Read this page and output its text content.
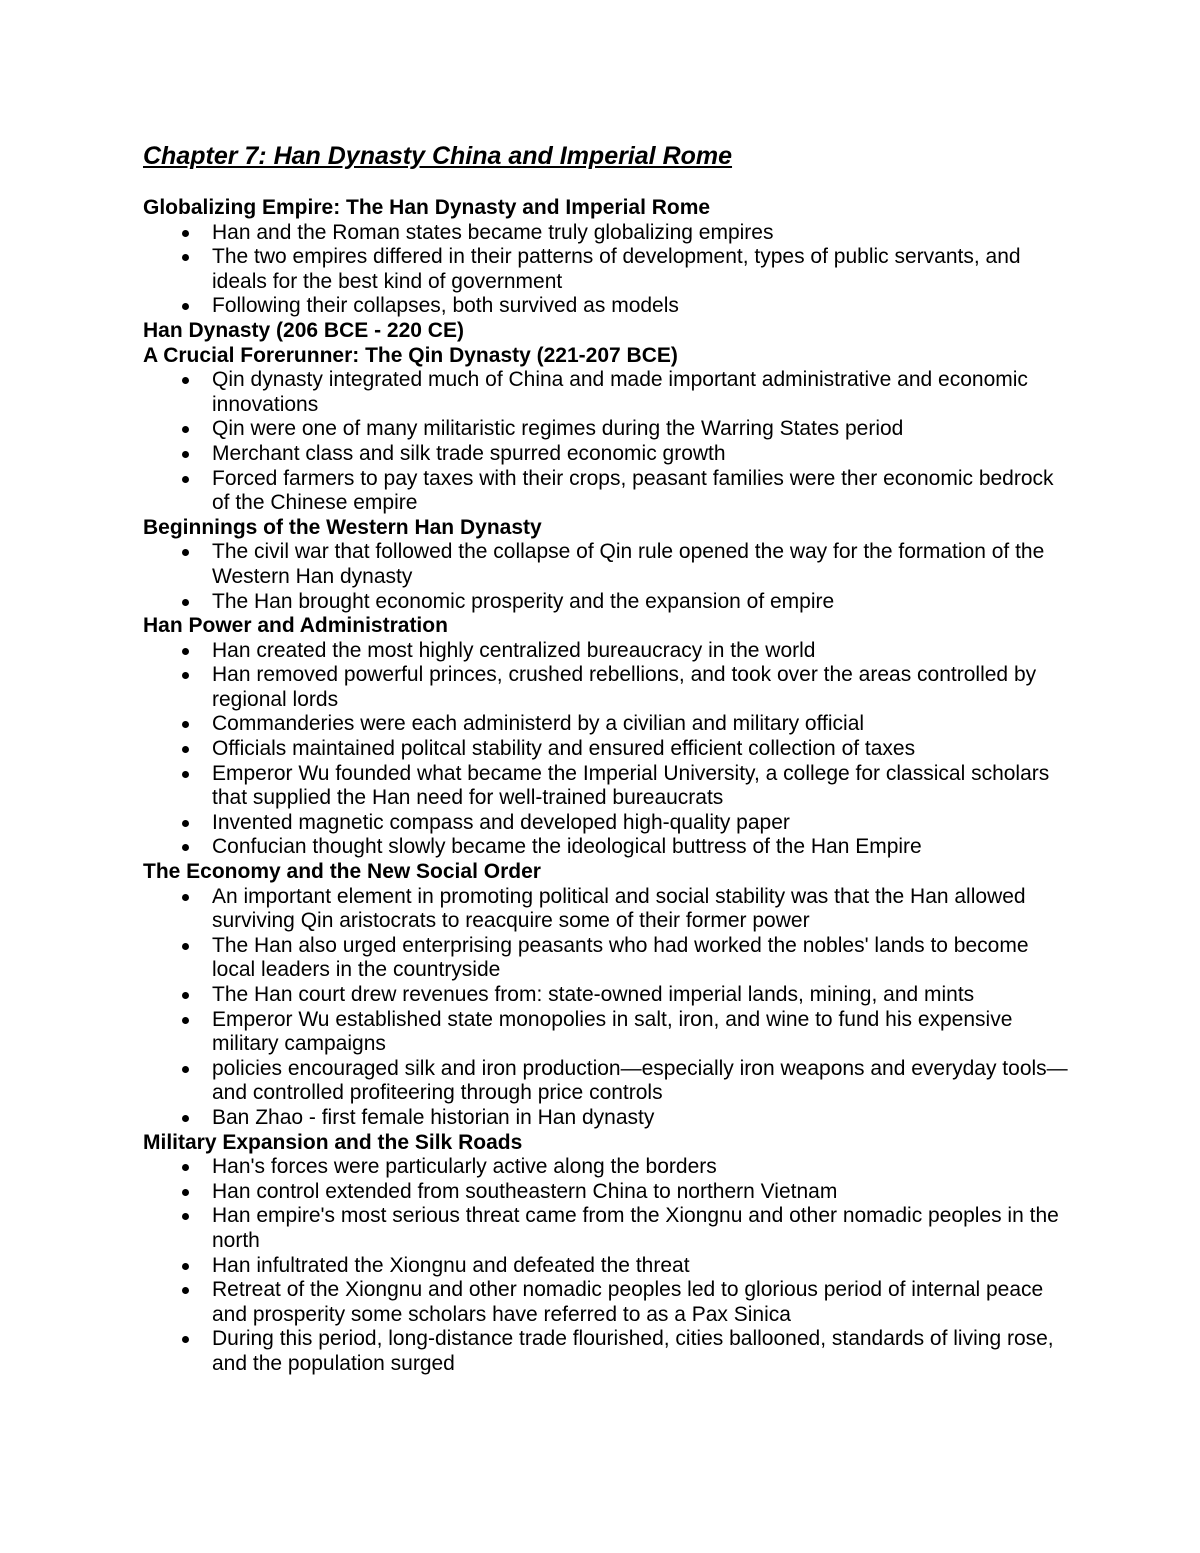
Chapter 7: Han Dynasty China and Imperial Rome
Globalizing Empire: The Han Dynasty and Imperial Rome
Han and the Roman states became truly globalizing empires
The two empires differed in their patterns of development, types of public servants, and ideals for the best kind of government
Following their collapses, both survived as models
Han Dynasty (206 BCE - 220 CE)
A Crucial Forerunner: The Qin Dynasty (221-207 BCE)
Qin dynasty integrated much of China and made important administrative and economic innovations
Qin were one of many militaristic regimes during the Warring States period
Merchant class and silk trade spurred economic growth
Forced farmers to pay taxes with their crops, peasant families were ther economic bedrock of the Chinese empire
Beginnings of the Western Han Dynasty
The civil war that followed the collapse of Qin rule opened the way for the formation of the Western Han dynasty
The Han brought economic prosperity and the expansion of empire
Han Power and Administration
Han created the most highly centralized bureaucracy in the world
Han removed powerful princes, crushed rebellions, and took over the areas controlled by regional lords
Commanderies were each administerd by a civilian and military official
Officials maintained politcal stability and ensured efficient collection of taxes
Emperor Wu founded what became the Imperial University, a college for classical scholars that supplied the Han need for well-trained bureaucrats
Invented magnetic compass and developed high-quality paper
Confucian thought slowly became the ideological buttress of the Han Empire
The Economy and the New Social Order
An important element in promoting political and social stability was that the Han allowed surviving Qin aristocrats to reacquire some of their former power
The Han also urged enterprising peasants who had worked the nobles' lands to become local leaders in the countryside
The Han court drew revenues from: state-owned imperial lands, mining, and mints
Emperor Wu established state monopolies in salt, iron, and wine to fund his expensive military campaigns
policies encouraged silk and iron production—especially iron weapons and everyday tools—and controlled profiteering through price controls
Ban Zhao - first female historian in Han dynasty
Military Expansion and the Silk Roads
Han's forces were particularly active along the borders
Han control extended from southeastern China to northern Vietnam
Han empire's most serious threat came from the Xiongnu and other nomadic peoples in the north
Han infultrated the Xiongnu and defeated the threat
Retreat of the Xiongnu and other nomadic peoples led to glorious period of internal peace and prosperity some scholars have referred to as a Pax Sinica
During this period, long-distance trade flourished, cities ballooned, standards of living rose, and the population surged
